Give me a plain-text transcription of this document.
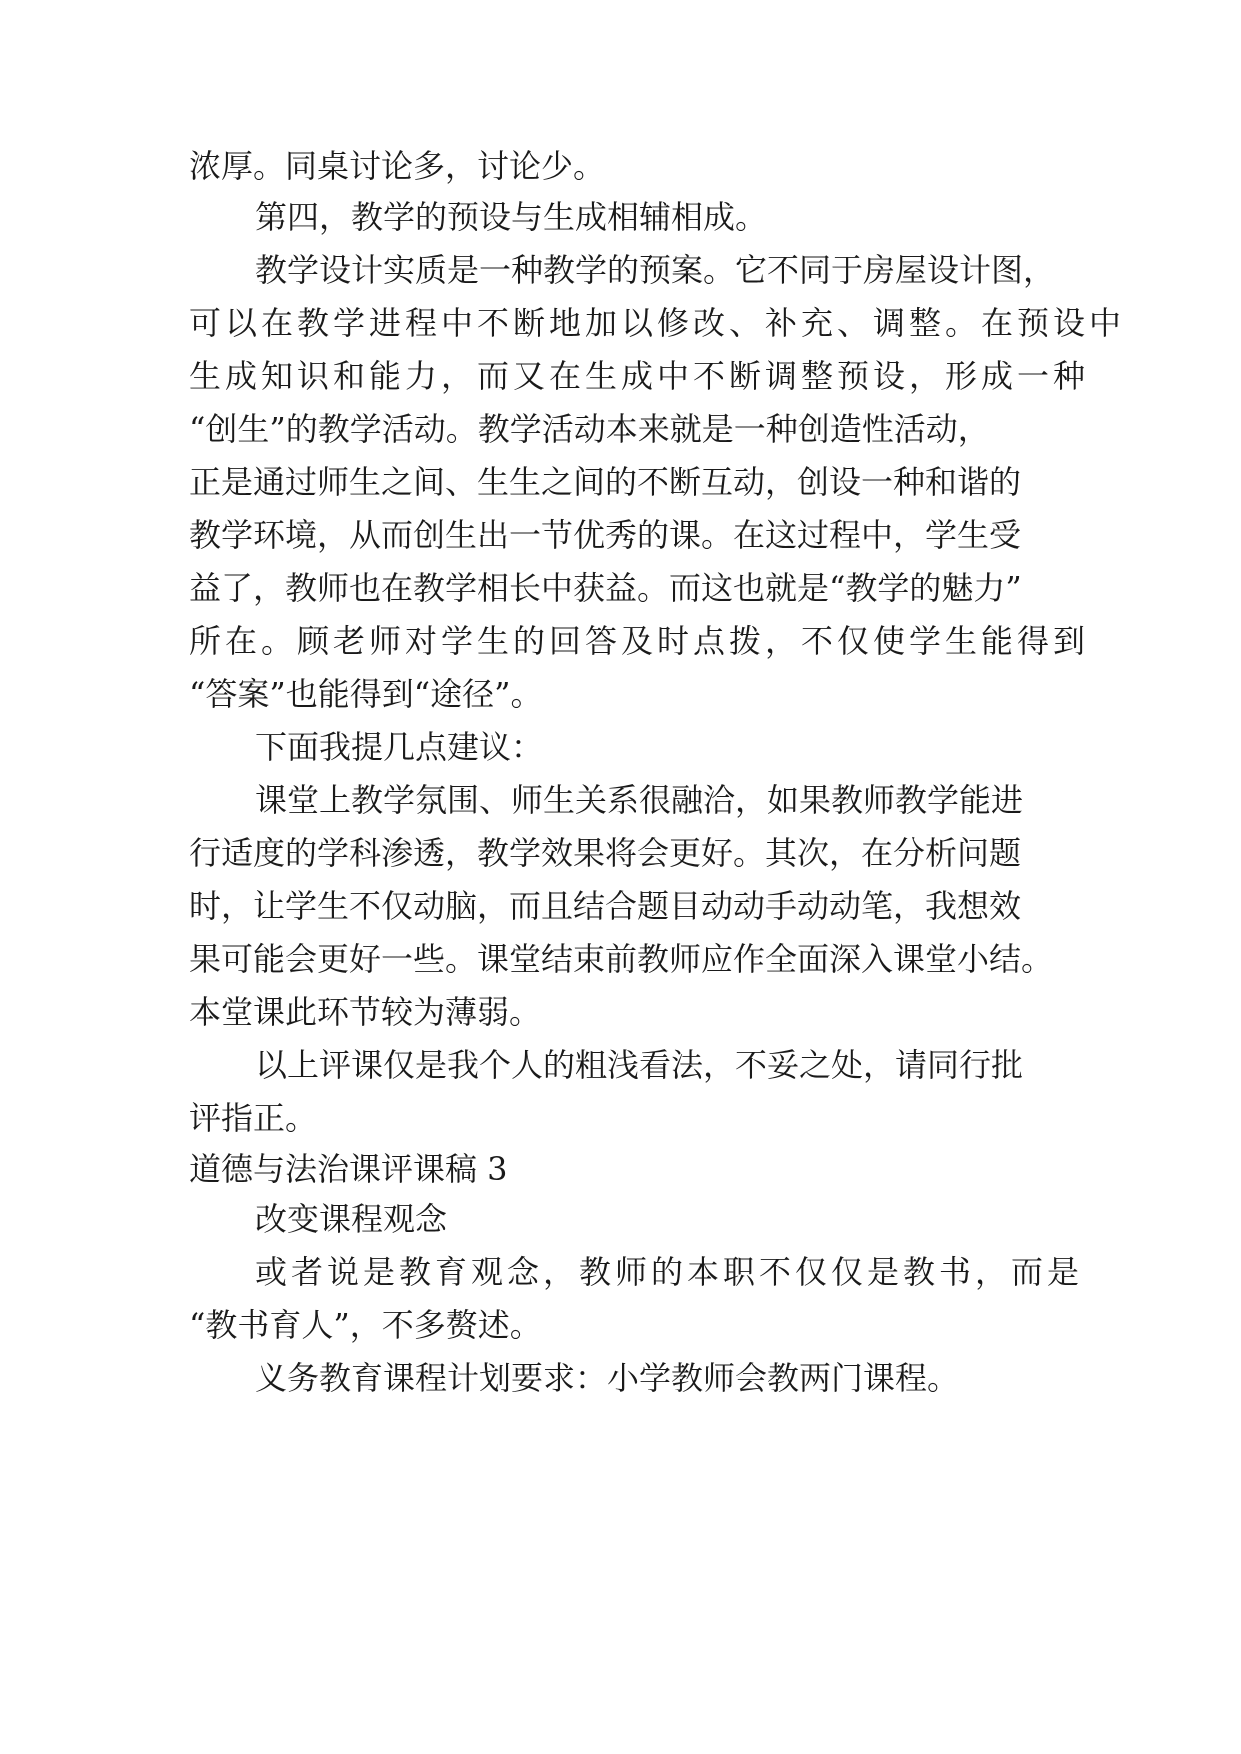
浓厚。同桌讨论多，讨论少。
第四，教学的预设与生成相辅相成。
教学设计实质是一种教学的预案。它不同于房屋设计图，
可以在教学进程中不断地加以修改、补充、调整。在预设中
生成知识和能力，而又在生成中不断调整预设，形成一种
“创生”的教学活动。教学活动本来就是一种创造性活动，
正是通过师生之间、生生之间的不断互动，创设一种和谐的
教学环境，从而创生出一节优秀的课。在这过程中，学生受
益了，教师也在教学相长中获益。而这也就是“教学的魅力”
所在。顾老师对学生的回答及时点拨，不仅使学生能得到
“答案”也能得到“途径”。
下面我提几点建议：
课堂上教学氛围、师生关系很融洽，如果教师教学能进
行适度的学科渗透，教学效果将会更好。其次，在分析问题
时，让学生不仅动脑，而且结合题目动动手动动笔，我想效
果可能会更好一些。课堂结束前教师应作全面深入课堂小结。
本堂课此环节较为薄弱。
以上评课仅是我个人的粗浅看法，不妥之处，请同行批
评指正。
道德与法治课评课稿 3
改变课程观念
或者说是教育观念，教师的本职不仅仅是教书，而是
“教书育人”，不多赘述。
义务教育课程计划要求：小学教师会教两门课程。
